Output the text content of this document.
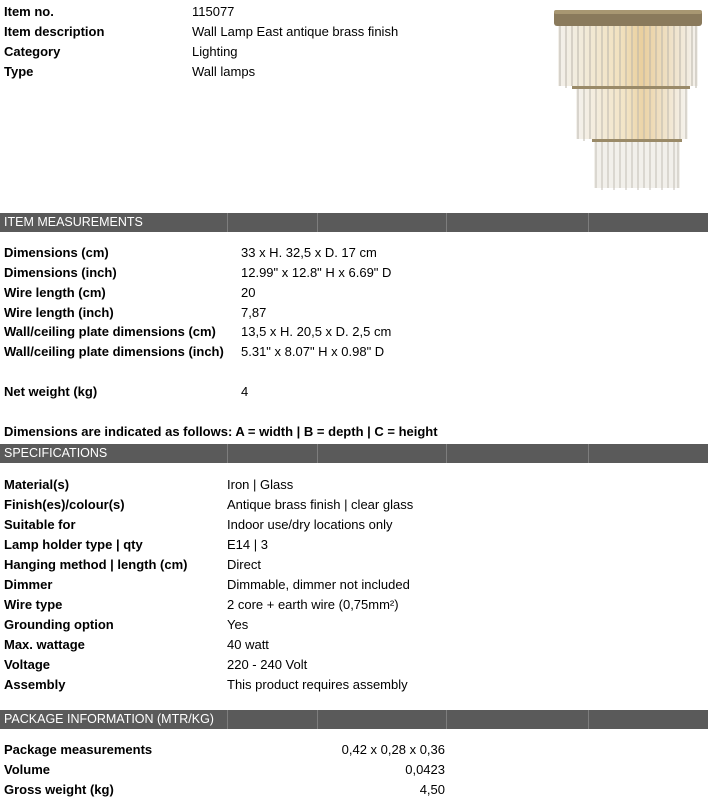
Item no.	115077
Item description	Wall Lamp East antique brass finish
Category	Lighting
Type	Wall lamps
ITEM MEASUREMENTS
Dimensions (cm)	33 x H. 32,5 x D. 17 cm
Dimensions (inch)	12.99" x 12.8" H x 6.69" D
Wire length (cm)	20
Wire length (inch)	7,87
Wall/ceiling plate dimensions (cm) 13,5 x H. 20,5 x D. 2,5 cm
Wall/ceiling plate dimensions (inch) 5.31" x 8.07" H x 0.98" D
Net weight (kg)	4
Dimensions are indicated as follows: A = width | B = depth | C = height
SPECIFICATIONS
Material(s)	Iron | Glass
Finish(es)/colour(s)	Antique brass finish | clear glass
Suitable for	Indoor use/dry locations only
Lamp holder type | qty	E14 | 3
Hanging method | length (cm)	Direct
Dimmer	Dimmable, dimmer not included
Wire type	2 core + earth wire (0,75mm²)
Grounding option	Yes
Max. wattage	40 watt
Voltage	220 - 240 Volt
Assembly	This product requires assembly
PACKAGE INFORMATION (MTR/KG)
Package measurements	0,42 x 0,28 x 0,36
Volume	0,0423
Gross weight (kg)	4,50
